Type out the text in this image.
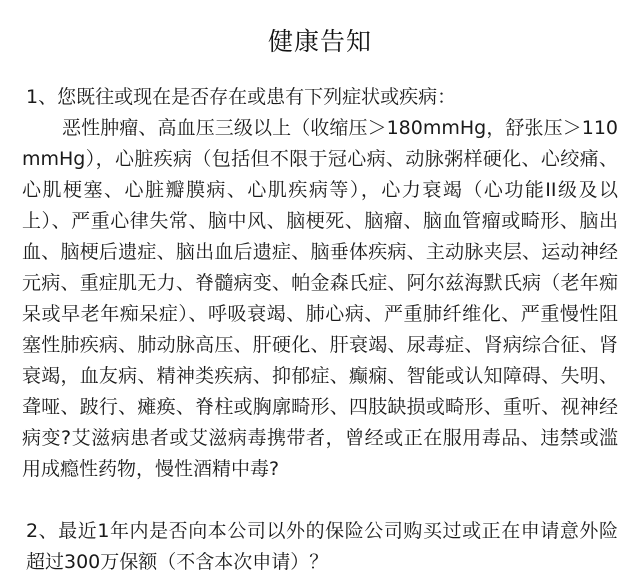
健康告知

1、您既往或现在是否存在或患有下列症状或疾病：

恶性肿瘤、高血压三级以上（收缩压＞180mmHg，舒张压＞110mmHg），心脏疾病（包括但不限于冠心病、动脉粥样硬化、心绞痛、心肌梗塞、心脏瓣膜病、心肌疾病等），心力衰竭（心功能II级及以上）、严重心律失常、脑中风、脑梗死、脑瘤、脑血管瘤或畸形、脑出血、脑梗后遗症、脑出血后遗症、脑垂体疾病、主动脉夹层、运动神经元病、重症肌无力、脊髓病变、帕金森氏症、阿尔兹海默氏病（老年痴呆或早老年痴呆症）、呼吸衰竭、肺心病、严重肺纤维化、严重慢性阻塞性肺疾病、肺动脉高压、肝硬化、肝衰竭、尿毒症、肾病综合征、肾衰竭，血友病、精神类疾病、抑郁症、癫痫、智能或认知障碍、失明、聋哑、跛行、瘫痪、脊柱或胸廓畸形、四肢缺损或畸形、重听、视神经病变?艾滋病患者或艾滋病毒携带者，曾经或正在服用毒品、违禁或滥用成瘾性药物，慢性酒精中毒?

2、最近1年内是否向本公司以外的保险公司购买过或正在申请意外险超过300万保额（不含本次申请）？
